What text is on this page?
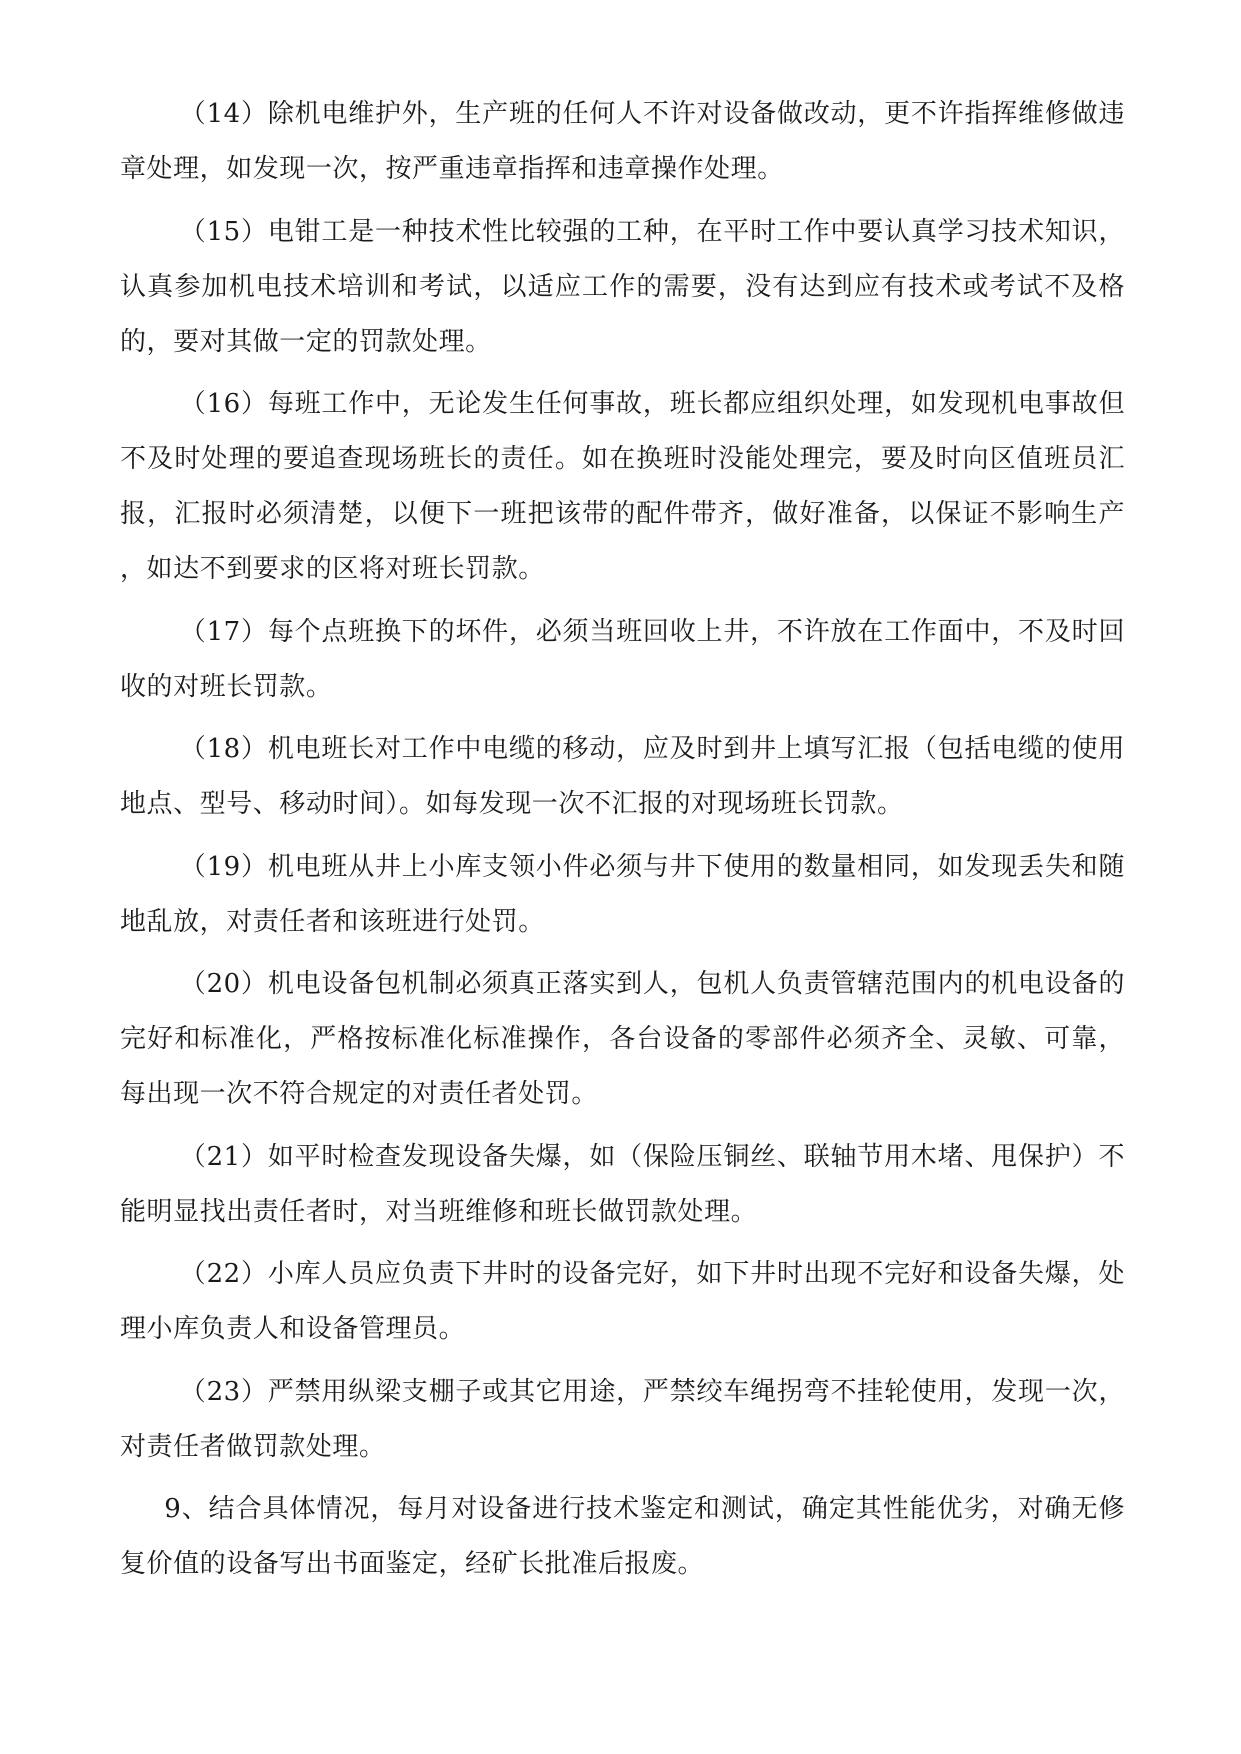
（14）除机电维护外，生产班的任何人不许对设备做改动，更不许指挥维修做违章处理，如发现一次，按严重违章指挥和违章操作处理。

（15）电钳工是一种技术性比较强的工种，在平时工作中要认真学习技术知识，认真参加机电技术培训和考试，以适应工作的需要，没有达到应有技术或考试不及格的，要对其做一定的罚款处理。

（16）每班工作中，无论发生任何事故，班长都应组织处理，如发现机电事故但不及时处理的要追查现场班长的责任。如在换班时没能处理完，要及时向区值班员汇报，汇报时必须清楚，以便下一班把该带的配件带齐，做好准备，以保证不影响生产，如达不到要求的区将对班长罚款。

（17）每个点班换下的坏件，必须当班回收上井，不许放在工作面中，不及时回收的对班长罚款。

（18）机电班长对工作中电缆的移动，应及时到井上填写汇报（包括电缆的使用地点、型号、移动时间）。如每发现一次不汇报的对现场班长罚款。

（19）机电班从井上小库支领小件必须与井下使用的数量相同，如发现丢失和随地乱放，对责任者和该班进行处罚。

（20）机电设备包机制必须真正落实到人，包机人负责管辖范围内的机电设备的完好和标准化，严格按标准化标准操作，各台设备的零部件必须齐全、灵敏、可靠，每出现一次不符合规定的对责任者处罚。

（21）如平时检查发现设备失爆，如（保险压铜丝、联轴节用木堵、甩保护）不能明显找出责任者时，对当班维修和班长做罚款处理。

（22）小库人员应负责下井时的设备完好，如下井时出现不完好和设备失爆，处理小库负责人和设备管理员。

（23）严禁用纵梁支棚子或其它用途，严禁绞车绳拐弯不挂轮使用，发现一次，对责任者做罚款处理。

9、结合具体情况，每月对设备进行技术鉴定和测试，确定其性能优劣，对确无修复价值的设备写出书面鉴定，经矿长批准后报废。
